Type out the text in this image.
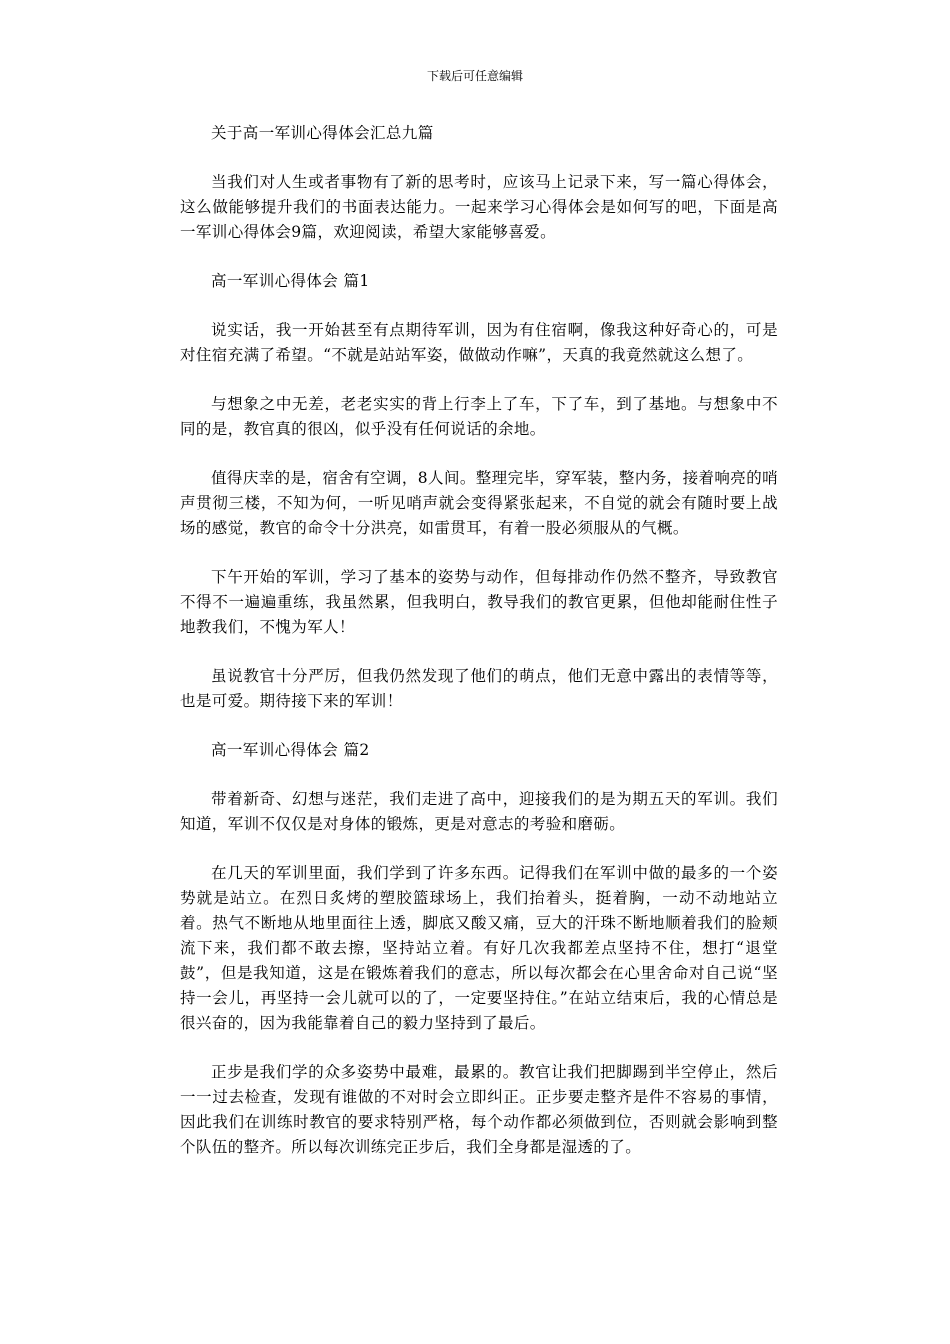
下载后可任意编辑

关于高一军训心得体会汇总九篇

当我们对人生或者事物有了新的思考时，应该马上记录下来，写一篇心得体会，这么做能够提升我们的书面表达能力。一起来学习心得体会是如何写的吧，下面是高一军训心得体会9篇，欢迎阅读，希望大家能够喜爱。

高一军训心得体会 篇1

说实话，我一开始甚至有点期待军训，因为有住宿啊，像我这种好奇心的，可是对住宿充满了希望。“不就是站站军姿，做做动作嘛”，天真的我竟然就这么想了。

与想象之中无差，老老实实的背上行李上了车，下了车，到了基地。与想象中不同的是，教官真的很凶，似乎没有任何说话的余地。

值得庆幸的是，宿舍有空调，8人间。整理完毕，穿军装，整内务，接着响亮的哨声贯彻三楼，不知为何，一听见哨声就会变得紧张起来，不自觉的就会有随时要上战场的感觉，教官的命令十分洪亮，如雷贯耳，有着一股必须服从的气概。

下午开始的军训，学习了基本的姿势与动作，但每排动作仍然不整齐，导致教官不得不一遍遍重练，我虽然累，但我明白，教导我们的教官更累，但他却能耐住性子地教我们，不愧为军人！

虽说教官十分严厉，但我仍然发现了他们的萌点，他们无意中露出的表情等等，也是可爱。期待接下来的军训！

高一军训心得体会 篇2

带着新奇、幻想与迷茫，我们走进了高中，迎接我们的是为期五天的军训。我们知道，军训不仅仅是对身体的锻炼，更是对意志的考验和磨砺。

在几天的军训里面，我们学到了许多东西。记得我们在军训中做的最多的一个姿势就是站立。在烈日炙烤的塑胶篮球场上，我们抬着头，挺着胸，一动不动地站立着。热气不断地从地里面往上透，脚底又酸又痛，豆大的汗珠不断地顺着我们的脸颊流下来，我们都不敢去擦，坚持站立着。有好几次我都差点坚持不住，想打“退堂鼓”，但是我知道，这是在锻炼着我们的意志，所以每次都会在心里舍命对自己说“坚持一会儿，再坚持一会儿就可以的了，一定要坚持住。”在站立结束后，我的心情总是很兴奋的，因为我能靠着自己的毅力坚持到了最后。

正步是我们学的众多姿势中最难，最累的。教官让我们把脚踢到半空停止，然后一一过去检查，发现有谁做的不对时会立即纠正。正步要走整齐是件不容易的事情，因此我们在训练时教官的要求特别严格，每个动作都必须做到位，否则就会影响到整个队伍的整齐。所以每次训练完正步后，我们全身都是湿透的了。
